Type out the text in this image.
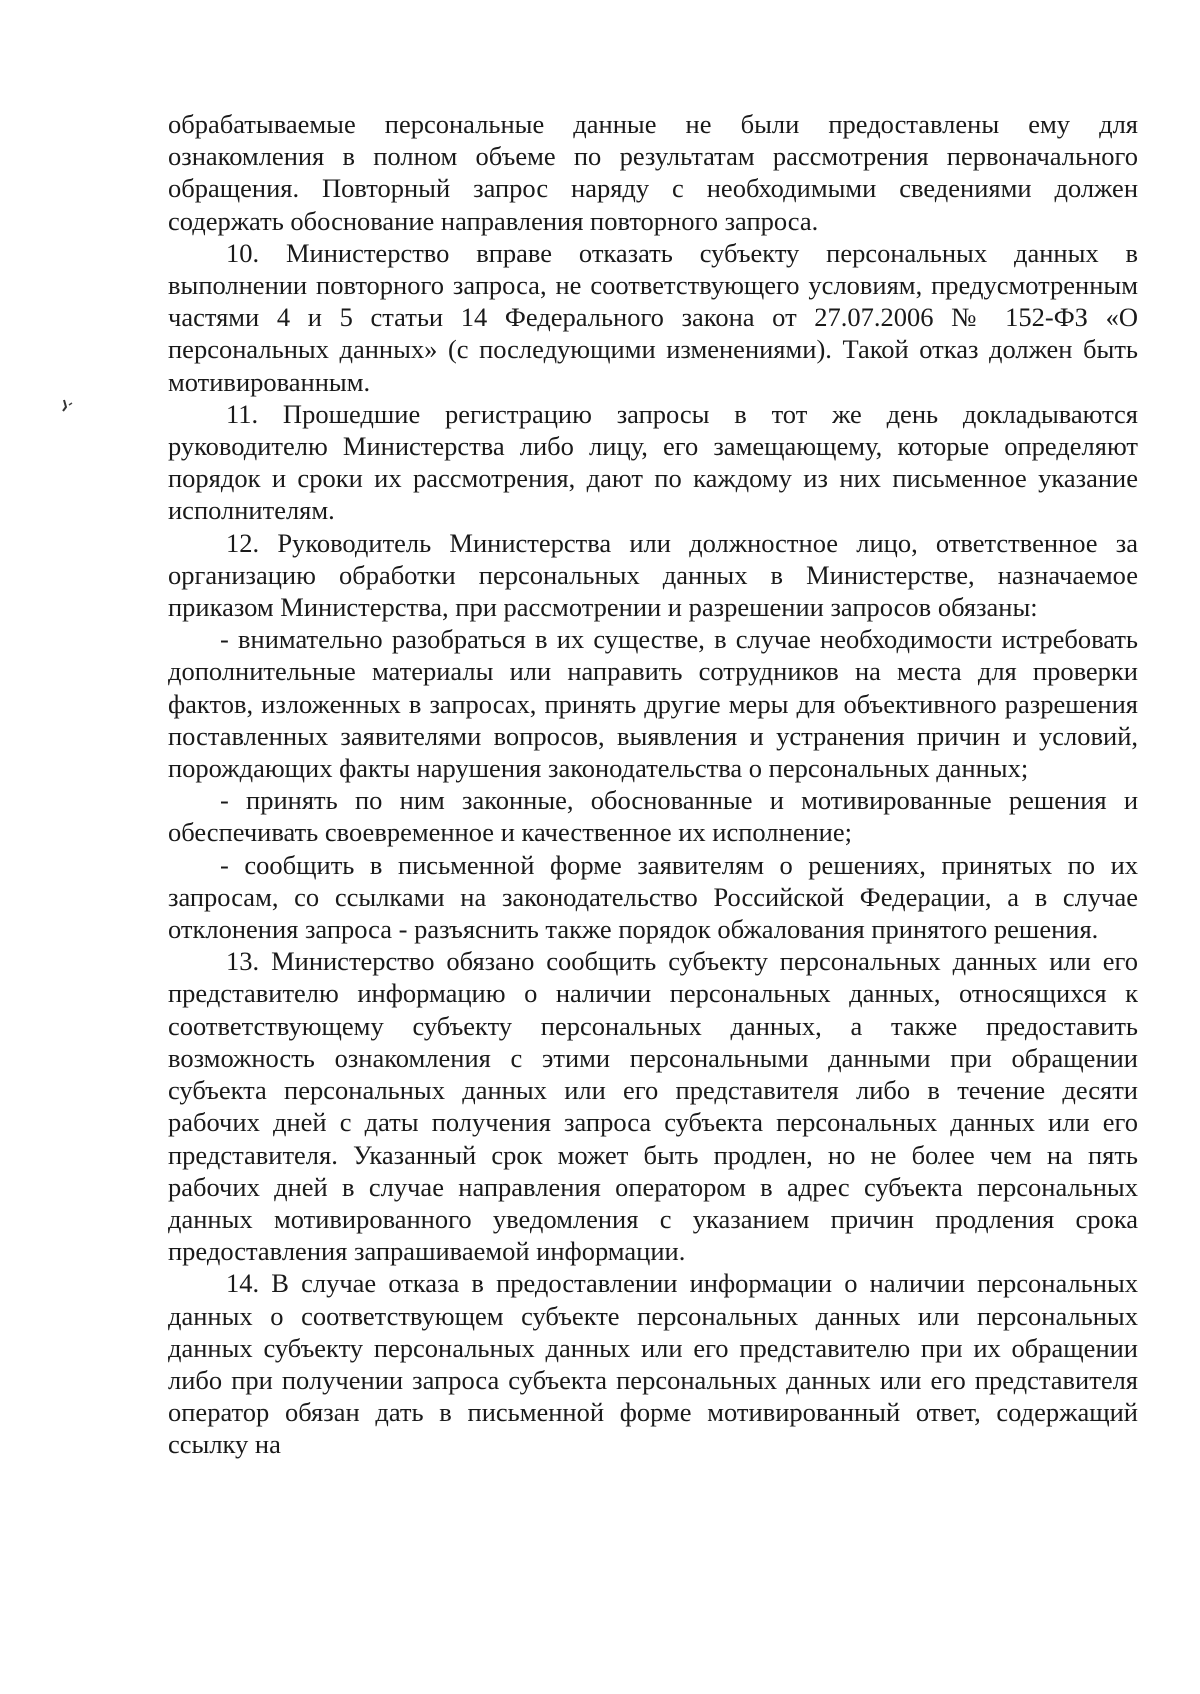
обрабатываемые персональные данные не были предоставлены ему для ознакомления в полном объеме по результатам рассмотрения первоначального обращения. Повторный запрос наряду с необходимыми сведениями должен содержать обоснование направления повторного запроса.

10. Министерство вправе отказать субъекту персональных данных в выполнении повторного запроса, не соответствующего условиям, предусмотренным частями 4 и 5 статьи 14 Федерального закона от 27.07.2006 № 152-ФЗ «О персональных данных» (с последующими изменениями). Такой отказ должен быть мотивированным.

11. Прошедшие регистрацию запросы в тот же день докладываются руководителю Министерства либо лицу, его замещающему, которые определяют порядок и сроки их рассмотрения, дают по каждому из них письменное указание исполнителям.

12. Руководитель Министерства или должностное лицо, ответственное за организацию обработки персональных данных в Министерстве, назначаемое приказом Министерства, при рассмотрении и разрешении запросов обязаны:

- внимательно разобраться в их существе, в случае необходимости истребовать дополнительные материалы или направить сотрудников на места для проверки фактов, изложенных в запросах, принять другие меры для объективного разрешения поставленных заявителями вопросов, выявления и устранения причин и условий, порождающих факты нарушения законодательства о персональных данных;

- принять по ним законные, обоснованные и мотивированные решения и обеспечивать своевременное и качественное их исполнение;

- сообщить в письменной форме заявителям о решениях, принятых по их запросам, со ссылками на законодательство Российской Федерации, а в случае отклонения запроса - разъяснить также порядок обжалования принятого решения.

13. Министерство обязано сообщить субъекту персональных данных или его представителю информацию о наличии персональных данных, относящихся к соответствующему субъекту персональных данных, а также предоставить возможность ознакомления с этими персональными данными при обращении субъекта персональных данных или его представителя либо в течение десяти рабочих дней с даты получения запроса субъекта персональных данных или его представителя. Указанный срок может быть продлен, но не более чем на пять рабочих дней в случае направления оператором в адрес субъекта персональных данных мотивированного уведомления с указанием причин продления срока предоставления запрашиваемой информации.

14. В случае отказа в предоставлении информации о наличии персональных данных о соответствующем субъекте персональных данных или персональных данных субъекту персональных данных или его представителю при их обращении либо при получении запроса субъекта персональных данных или его представителя оператор обязан дать в письменной форме мотивированный ответ, содержащий ссылку на
